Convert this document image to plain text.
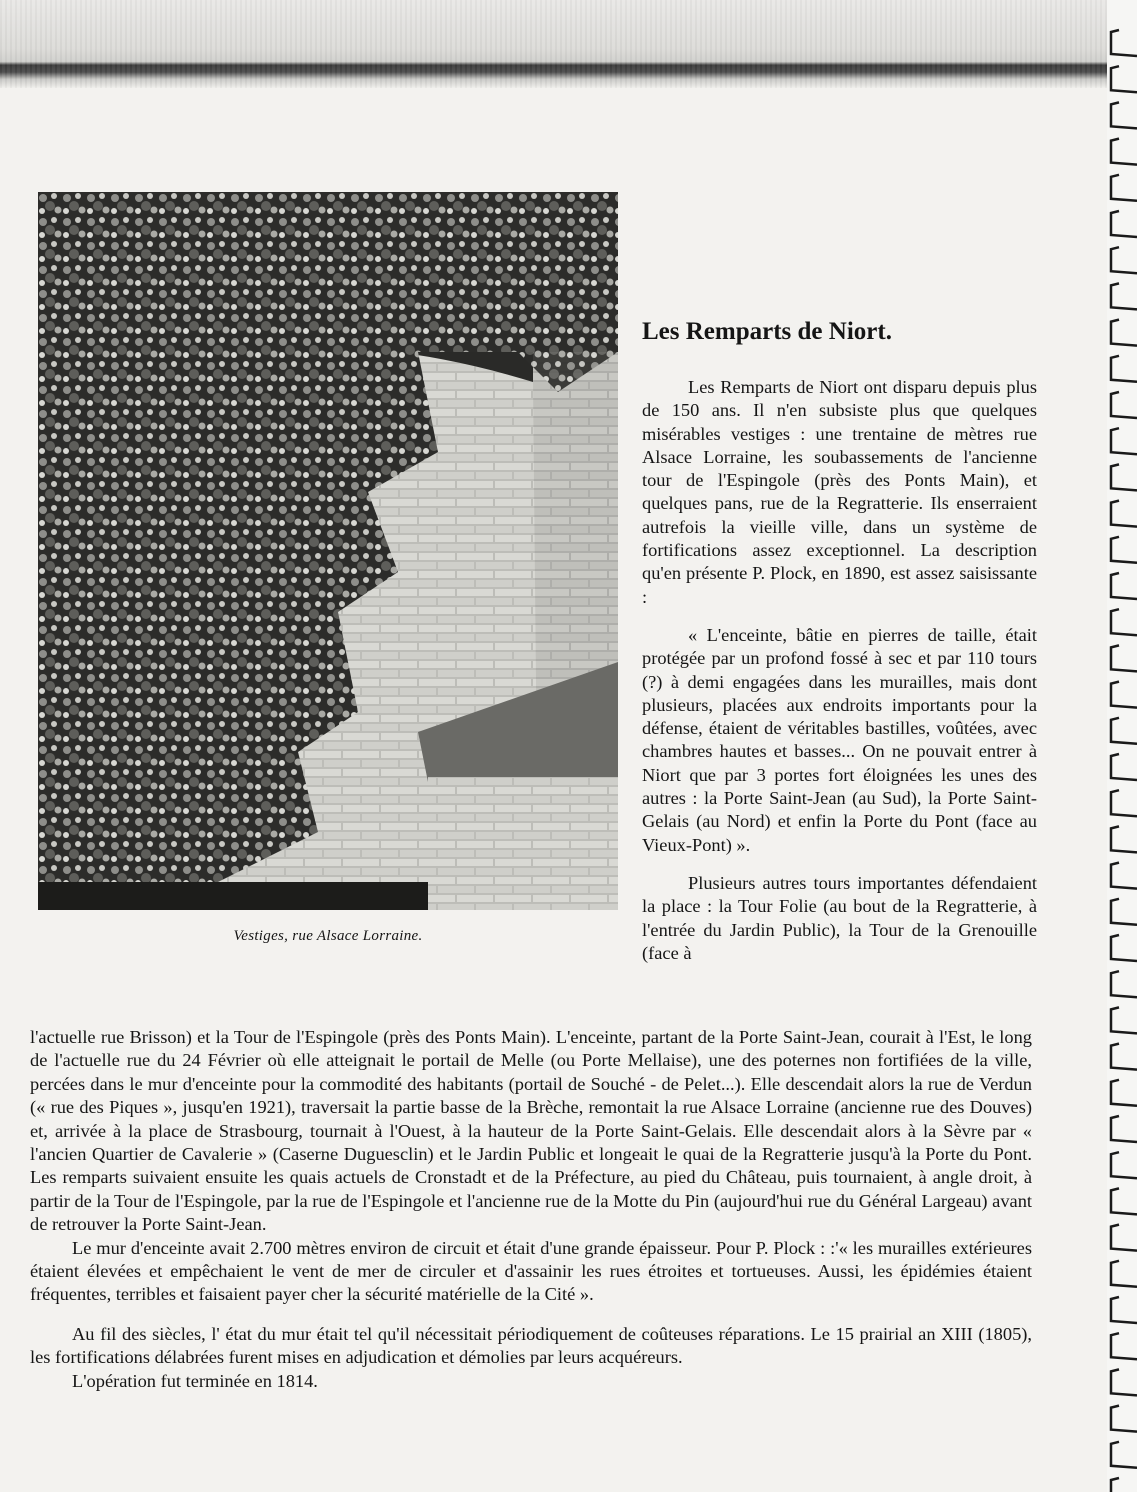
Vestiges, rue Alsace Lorraine.
Les Remparts de Niort.

Les Remparts de Niort ont disparu depuis plus de 150 ans. Il n'en subsiste plus que quelques misérables vestiges : une trentaine de mètres rue Alsace Lorraine, les soubassements de l'ancienne tour de l'Espingole (près des Ponts Main), et quelques pans, rue de la Regratterie. Ils enserraient autrefois la vieille ville, dans un système de fortifications assez exceptionnel. La description qu'en présente P. Plock, en 1890, est assez saisissante :

« L'enceinte, bâtie en pierres de taille, était protégée par un profond fossé à sec et par 110 tours (?) à demi engagées dans les murailles, mais dont plusieurs, placées aux endroits importants pour la défense, étaient de véritables bastilles, voûtées, avec chambres hautes et basses... On ne pouvait entrer à Niort que par 3 portes fort éloignées les unes des autres : la Porte Saint-Jean (au Sud), la Porte Saint-Gelais (au Nord) et enfin la Porte du Pont (face au Vieux-Pont) ».

Plusieurs autres tours importantes défendaient la place : la Tour Folie (au bout de la Regratterie, à l'entrée du Jardin Public), la Tour de la Grenouille (face à

l'actuelle rue Brisson) et la Tour de l'Espingole (près des Ponts Main). L'enceinte, partant de la Porte Saint-Jean, courait à l'Est, le long de l'actuelle rue du 24 Février où elle atteignait le portail de Melle (ou Porte Mellaise), une des poternes non fortifiées de la ville, percées dans le mur d'enceinte pour la commodité des habitants (portail de Souché - de Pelet...). Elle descendait alors la rue de Verdun (« rue des Piques », jusqu'en 1921), traversait la partie basse de la Brèche, remontait la rue Alsace Lorraine (ancienne rue des Douves) et, arrivée à la place de Strasbourg, tournait à l'Ouest, à la hauteur de la Porte Saint-Gelais. Elle descendait alors à la Sèvre par « l'ancien Quartier de Cavalerie » (Caserne Duguesclin) et le Jardin Public et longeait le quai de la Regratterie jusqu'à la Porte du Pont. Les remparts suivaient ensuite les quais actuels de Cronstadt et de la Préfecture, au pied du Château, puis tournaient, à angle droit, à partir de la Tour de l'Espingole, par la rue de l'Espingole et l'ancienne rue de la Motte du Pin (aujourd'hui rue du Général Largeau) avant de retrouver la Porte Saint-Jean.

Le mur d'enceinte avait 2.700 mètres environ de circuit et était d'une grande épaisseur. Pour P. Plock : :'« les murailles extérieures étaient élevées et empêchaient le vent de mer de circuler et d'assainir les rues étroites et tortueuses. Aussi, les épidémies étaient fréquentes, terribles et faisaient payer cher la sécurité matérielle de la Cité ».

Au fil des siècles, l' état du mur était tel qu'il nécessitait périodiquement de coûteuses réparations. Le 15 prairial an XIII (1805), les fortifications délabrées furent mises en adjudication et démolies par leurs acquéreurs.

L'opération fut terminée en 1814.
